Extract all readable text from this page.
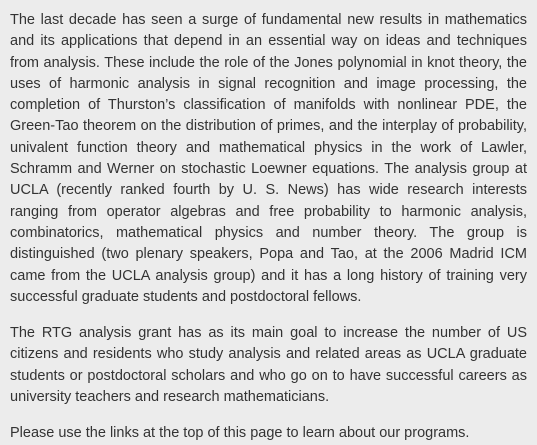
The last decade has seen a surge of fundamental new results in mathematics and its applications that depend in an essential way on ideas and techniques from analysis. These include the role of the Jones polynomial in knot theory, the uses of harmonic analysis in signal recognition and image processing, the completion of Thurston’s classification of manifolds with nonlinear PDE, the Green-Tao theorem on the distribution of primes, and the interplay of probability, univalent function theory and mathematical physics in the work of Lawler, Schramm and Werner on stochastic Loewner equations. The analysis group at UCLA (recently ranked fourth by U. S. News) has wide research interests ranging from operator algebras and free probability to harmonic analysis, combinatorics, mathematical physics and number theory. The group is distinguished (two plenary speakers, Popa and Tao, at the 2006 Madrid ICM came from the UCLA analysis group) and it has a long history of training very successful graduate students and postdoctoral fellows.

The RTG analysis grant has as its main goal to increase the number of US citizens and residents who study analysis and related areas as UCLA graduate students or postdoctoral scholars and who go on to have successful careers as university teachers and research mathematicians.

Please use the links at the top of this page to learn about our programs.
